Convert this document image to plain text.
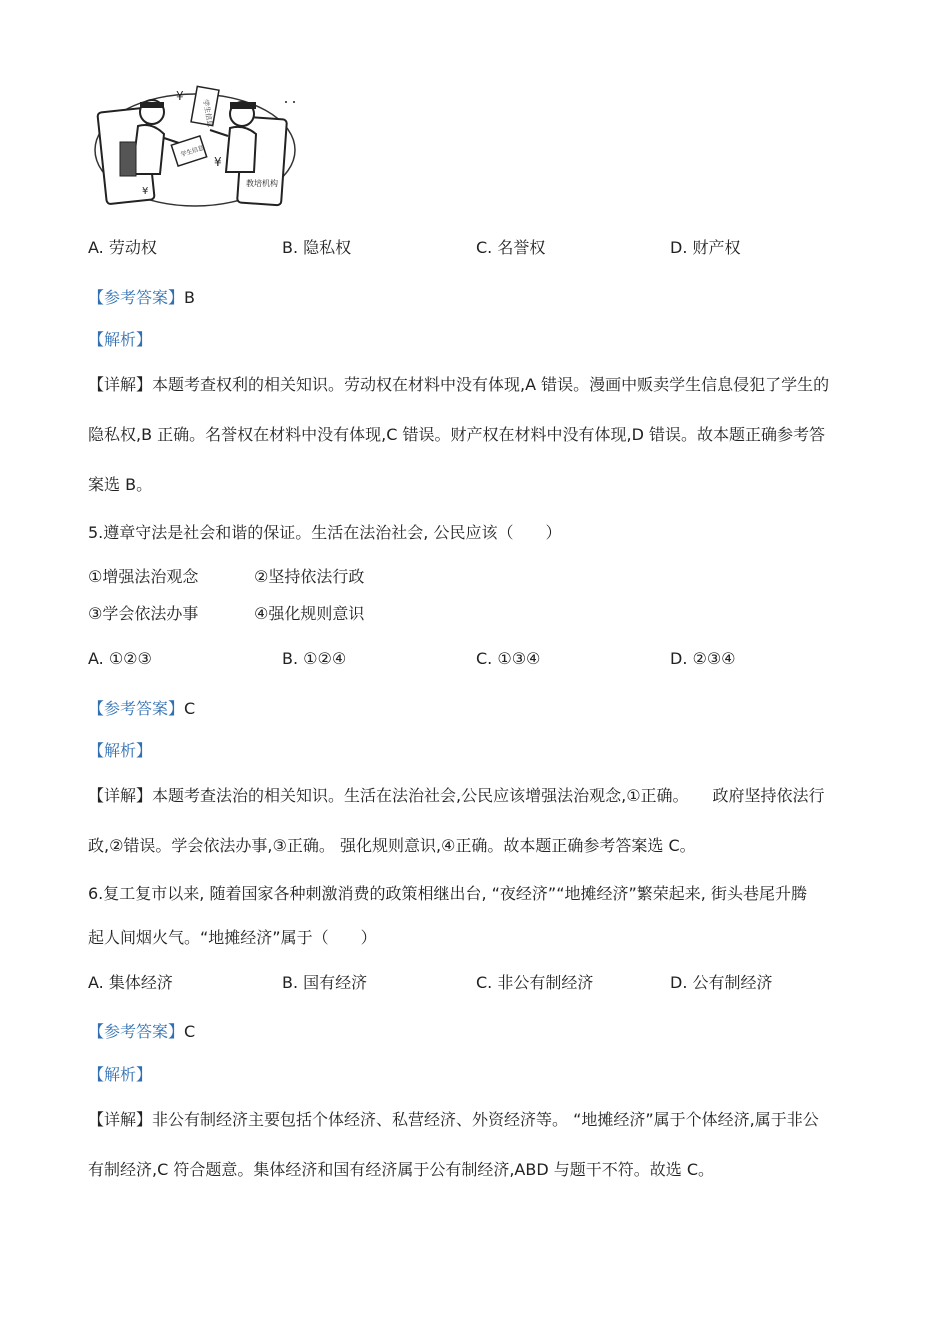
教培机构
学生信息
学生信息
¥
¥
¥
A. 劳动权	B. 隐私权	C. 名誉权	D. 财产权
【参考答案】B
【解析】
【详解】本题考查权利的相关知识。劳动权在材料中没有体现,A 错误。漫画中贩卖学生信息侵犯了学生的
隐私权,B 正确。名誉权在材料中没有体现,C 错误。财产权在材料中没有体现,D 错误。故本题正确参考答
案选 B。
5.遵章守法是社会和谐的保证。生活在法治社会, 公民应该（　　）
①增强法治观念	②坚持依法行政
③学会依法办事	④强化规则意识
A. ①②③	B. ①②④	C. ①③④	D. ②③④
【参考答案】C
【解析】
【详解】本题考查法治的相关知识。生活在法治社会,公民应该增强法治观念,①正确。　　政府坚持依法行
政,②错误。学会依法办事,③正确。 强化规则意识,④正确。故本题正确参考答案选 C。
6.复工复市以来, 随着国家各种刺激消费的政策相继出台, “夜经济”“地摊经济”繁荣起来, 街头巷尾升腾
起人间烟火气。“地摊经济”属于（　　）
A. 集体经济	B. 国有经济	C. 非公有制经济	D. 公有制经济
【参考答案】C
【解析】
【详解】非公有制经济主要包括个体经济、私营经济、外资经济等。 “地摊经济”属于个体经济,属于非公
有制经济,C 符合题意。集体经济和国有经济属于公有制经济,ABD 与题干不符。故选 C。
